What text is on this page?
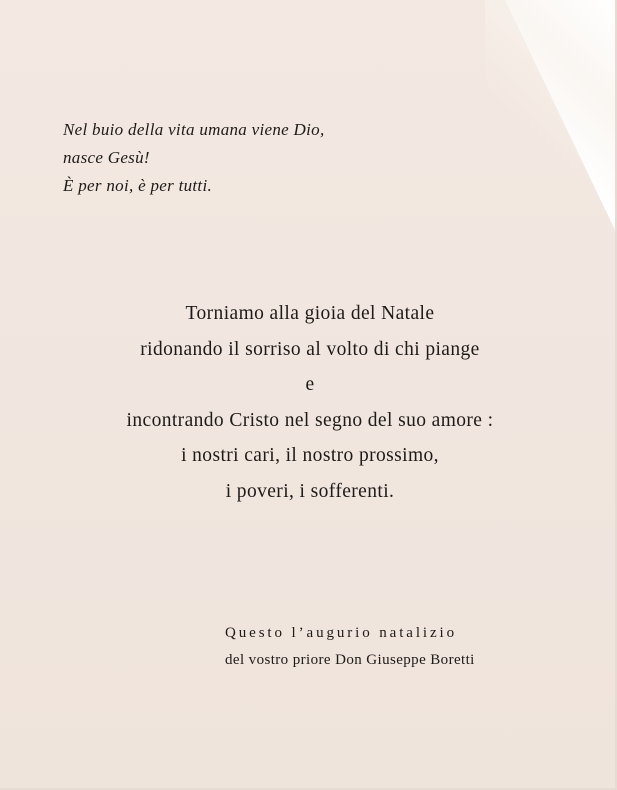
Nel buio della vita umana viene Dio,
nasce Gesù!
È per noi, è per tutti.
Torniamo alla gioia del Natale
ridonando il sorriso al volto di chi piange
e
incontrando Cristo nel segno del suo amore :
i nostri cari, il nostro prossimo,
i poveri, i sofferenti.
Questo l’augurio natalizio
del vostro priore Don Giuseppe Boretti
